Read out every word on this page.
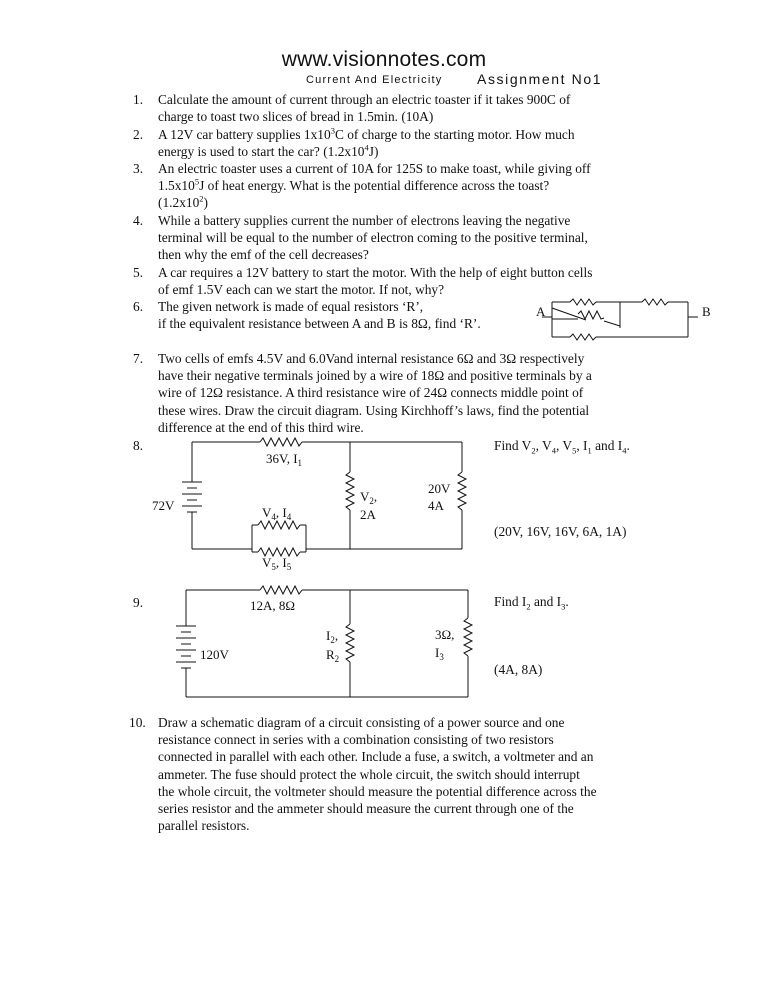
www.visionnotes.com
Current And Electricity Assignment No1
1. Calculate the amount of current through an electric toaster if it takes 900C of
charge to toast two slices of bread in 1.5min. (10A)
2. A 12V car battery supplies $1x10^3C$ of charge to the starting motor. How much
energy is used to start the car? $(1.2x10^4J)$
3. An electric toaster uses a current of 10A for 125S to make toast, while giving off
$1.5x10^5J$ of heat energy. What is the potential difference across the toast?
$(1.2x10^2)$
4. While a battery supplies current the number of electrons leaving the negative
terminal will be equal to the number of electron coming to the positive terminal,
then why the emf of the cell decreases?
5. A car requires a 12V battery to start the motor. With the help of eight button cells
of emf 1.5V each can we start the motor. If not, why?
6. The given network is made of equal resistors ‘R’,
if the equivalent resistance between A and B is 8Ω, find ‘R’.
A	B
7. Two cells of emfs 4.5V and 6.0Vand internal resistance 6Ω and 3Ω respectively
have their negative terminals joined by a wire of 18Ω and positive terminals by a
wire of 12Ω resistance. A third resistance wire of 24Ω connects middle point of
these wires. Draw the circuit diagram. Using Kirchhoff’s laws, find the potential
difference at the end of this third wire.
8.
72V
36V, $I_1$
$V_2$,
2A
20V
4A
$V_4$, $I_4$
$V_5$, $I_5$
Find $V_2$, $V_4$, $V_5$, $I_1$ and $I_4$.
(20V, 16V, 16V, 6A, 1A)
9.
120V
12A, 8Ω
$I_2$,
$R_2$
3Ω,
$I_3$
Find $I_2$ and $I_3$.
(4A, 8A)
10. Draw a schematic diagram of a circuit consisting of a power source and one
resistance connect in series with a combination consisting of two resistors
connected in parallel with each other. Include a fuse, a switch, a voltmeter and an
ammeter. The fuse should protect the whole circuit, the switch should interrupt
the whole circuit, the voltmeter should measure the potential difference across the
series resistor and the ammeter should measure the current through one of the
parallel resistors.
